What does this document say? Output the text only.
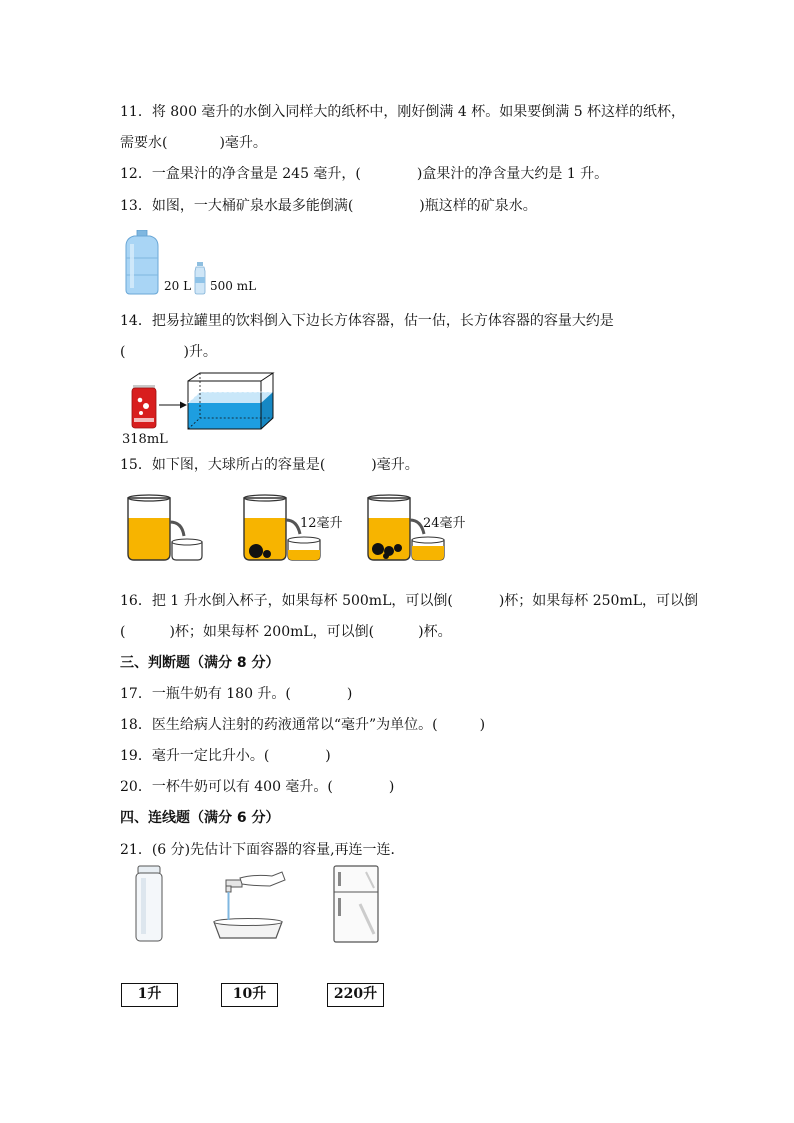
11．将 800 毫升的水倒入同样大的纸杯中，刚好倒满 4 杯。如果要倒满 5 杯这样的纸杯，
需要水(	)毫升。
12．一盒果汁的净含量是 245 毫升，(	)盒果汁的净含量大约是 1 升。
13．如图，一大桶矿泉水最多能倒满(	)瓶这样的矿泉水。
20 L 500 mL
14．把易拉罐里的饮料倒入下边长方体容器，估一估，长方体容器的容量大约是
(	)升。
318mL
15．如下图，大球所占的容量是(	)毫升。
12毫升	24毫升
16．把 1 升水倒入杯子，如果每杯 500mL，可以倒(	)杯；如果每杯 250mL，可以倒
(	)杯；如果每杯 200mL，可以倒(	)杯。
三、判断题（满分 8 分）
17．一瓶牛奶有 180 升。(	)
18．医生给病人注射的药液通常以“毫升”为单位。(	)
19．毫升一定比升小。(	)
20．一杯牛奶可以有 400 毫升。(	)
四、连线题（满分 6 分）
21．(6 分)先估计下面容器的容量,再连一连．
1升	10升	220升
